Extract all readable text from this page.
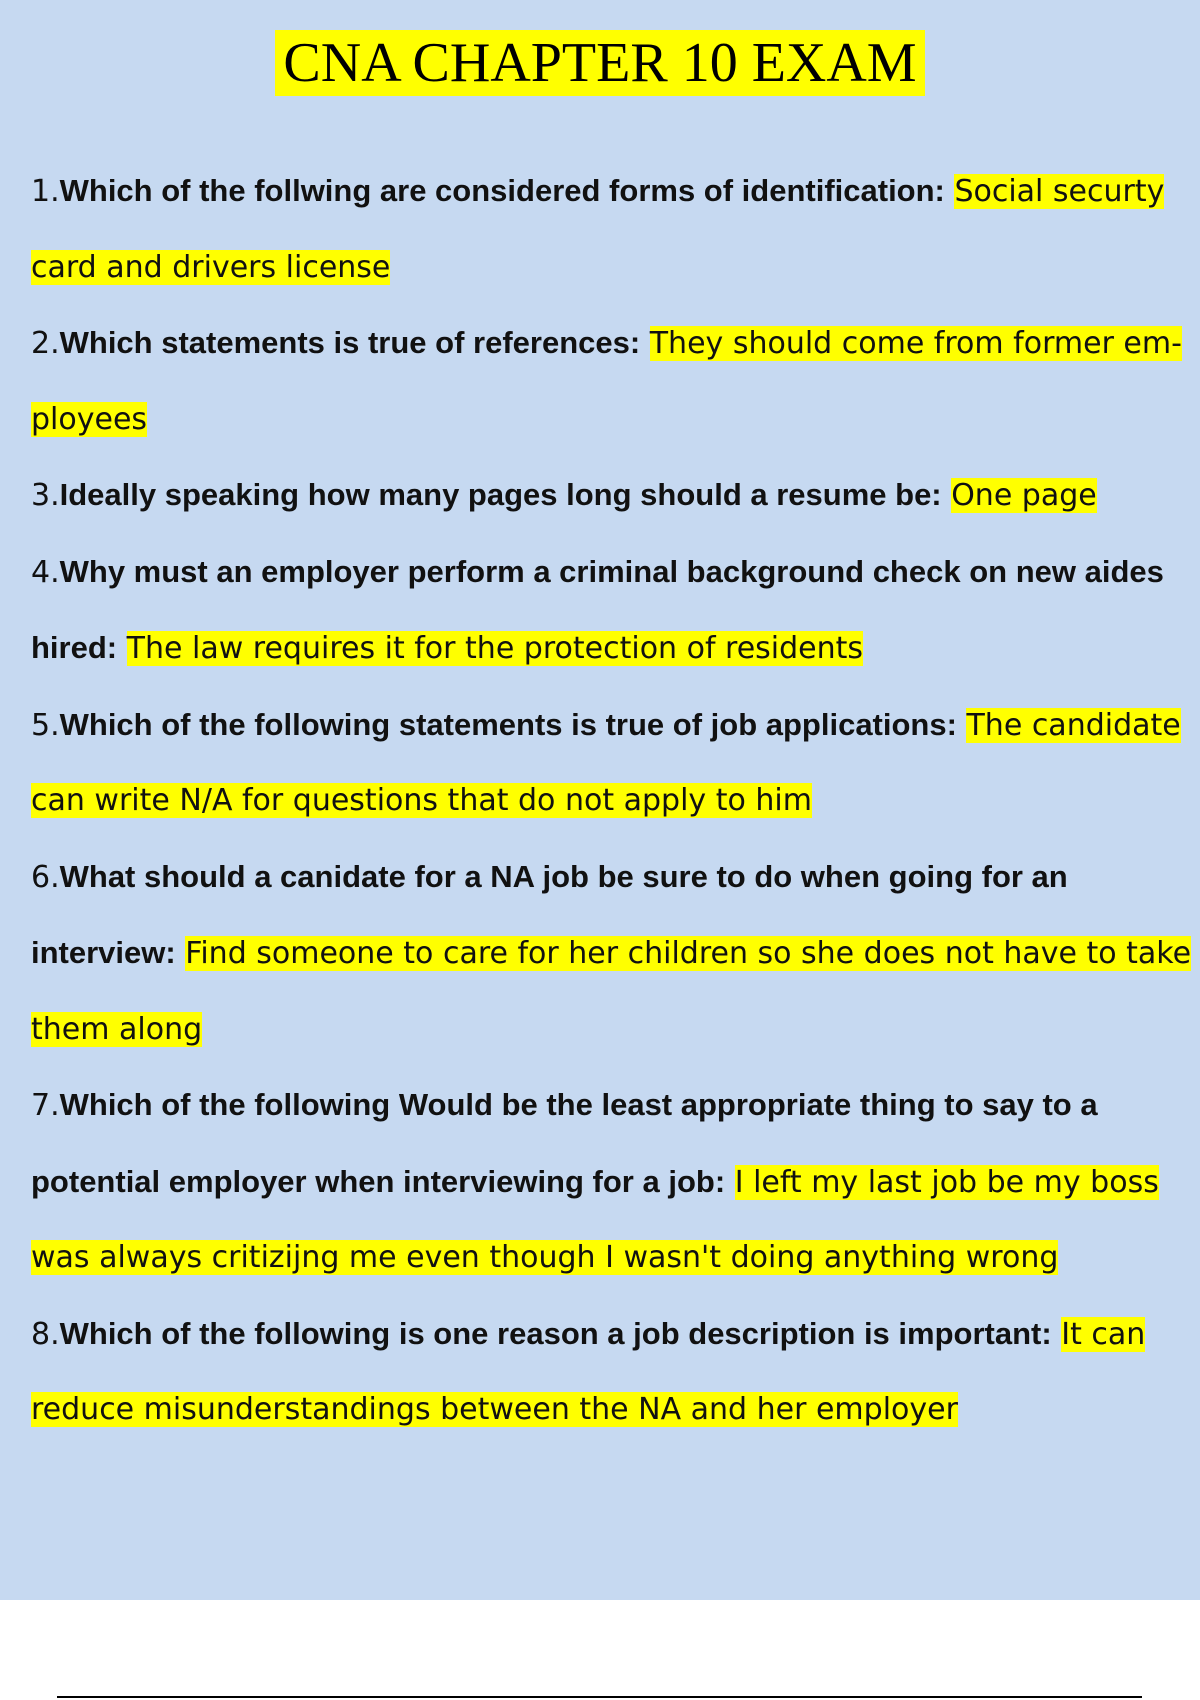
CNA CHAPTER 10 EXAM
1.Which of the follwing are considered forms of identification: Social securty card and drivers license
2.Which statements is true of references: They should come from former em- ployees
3.Ideally speaking how many pages long should a resume be: One page
4.Why must an employer perform a criminal background check on new aides hired: The law requires it for the protection of residents
5.Which of the following statements is true of job applications: The candidate can write N/A for questions that do not apply to him
6.What should a canidate for a NA job be sure to do when going for an interview: Find someone to care for her children so she does not have to take them along
7.Which of the following Would be the least appropriate thing to say to a potential employer when interviewing for a job: I left my last job be my boss was always critizijng me even though I wasn't doing anything wrong
8.Which of the following is one reason a job description is important: It can reduce misunderstandings between the NA and her employer
